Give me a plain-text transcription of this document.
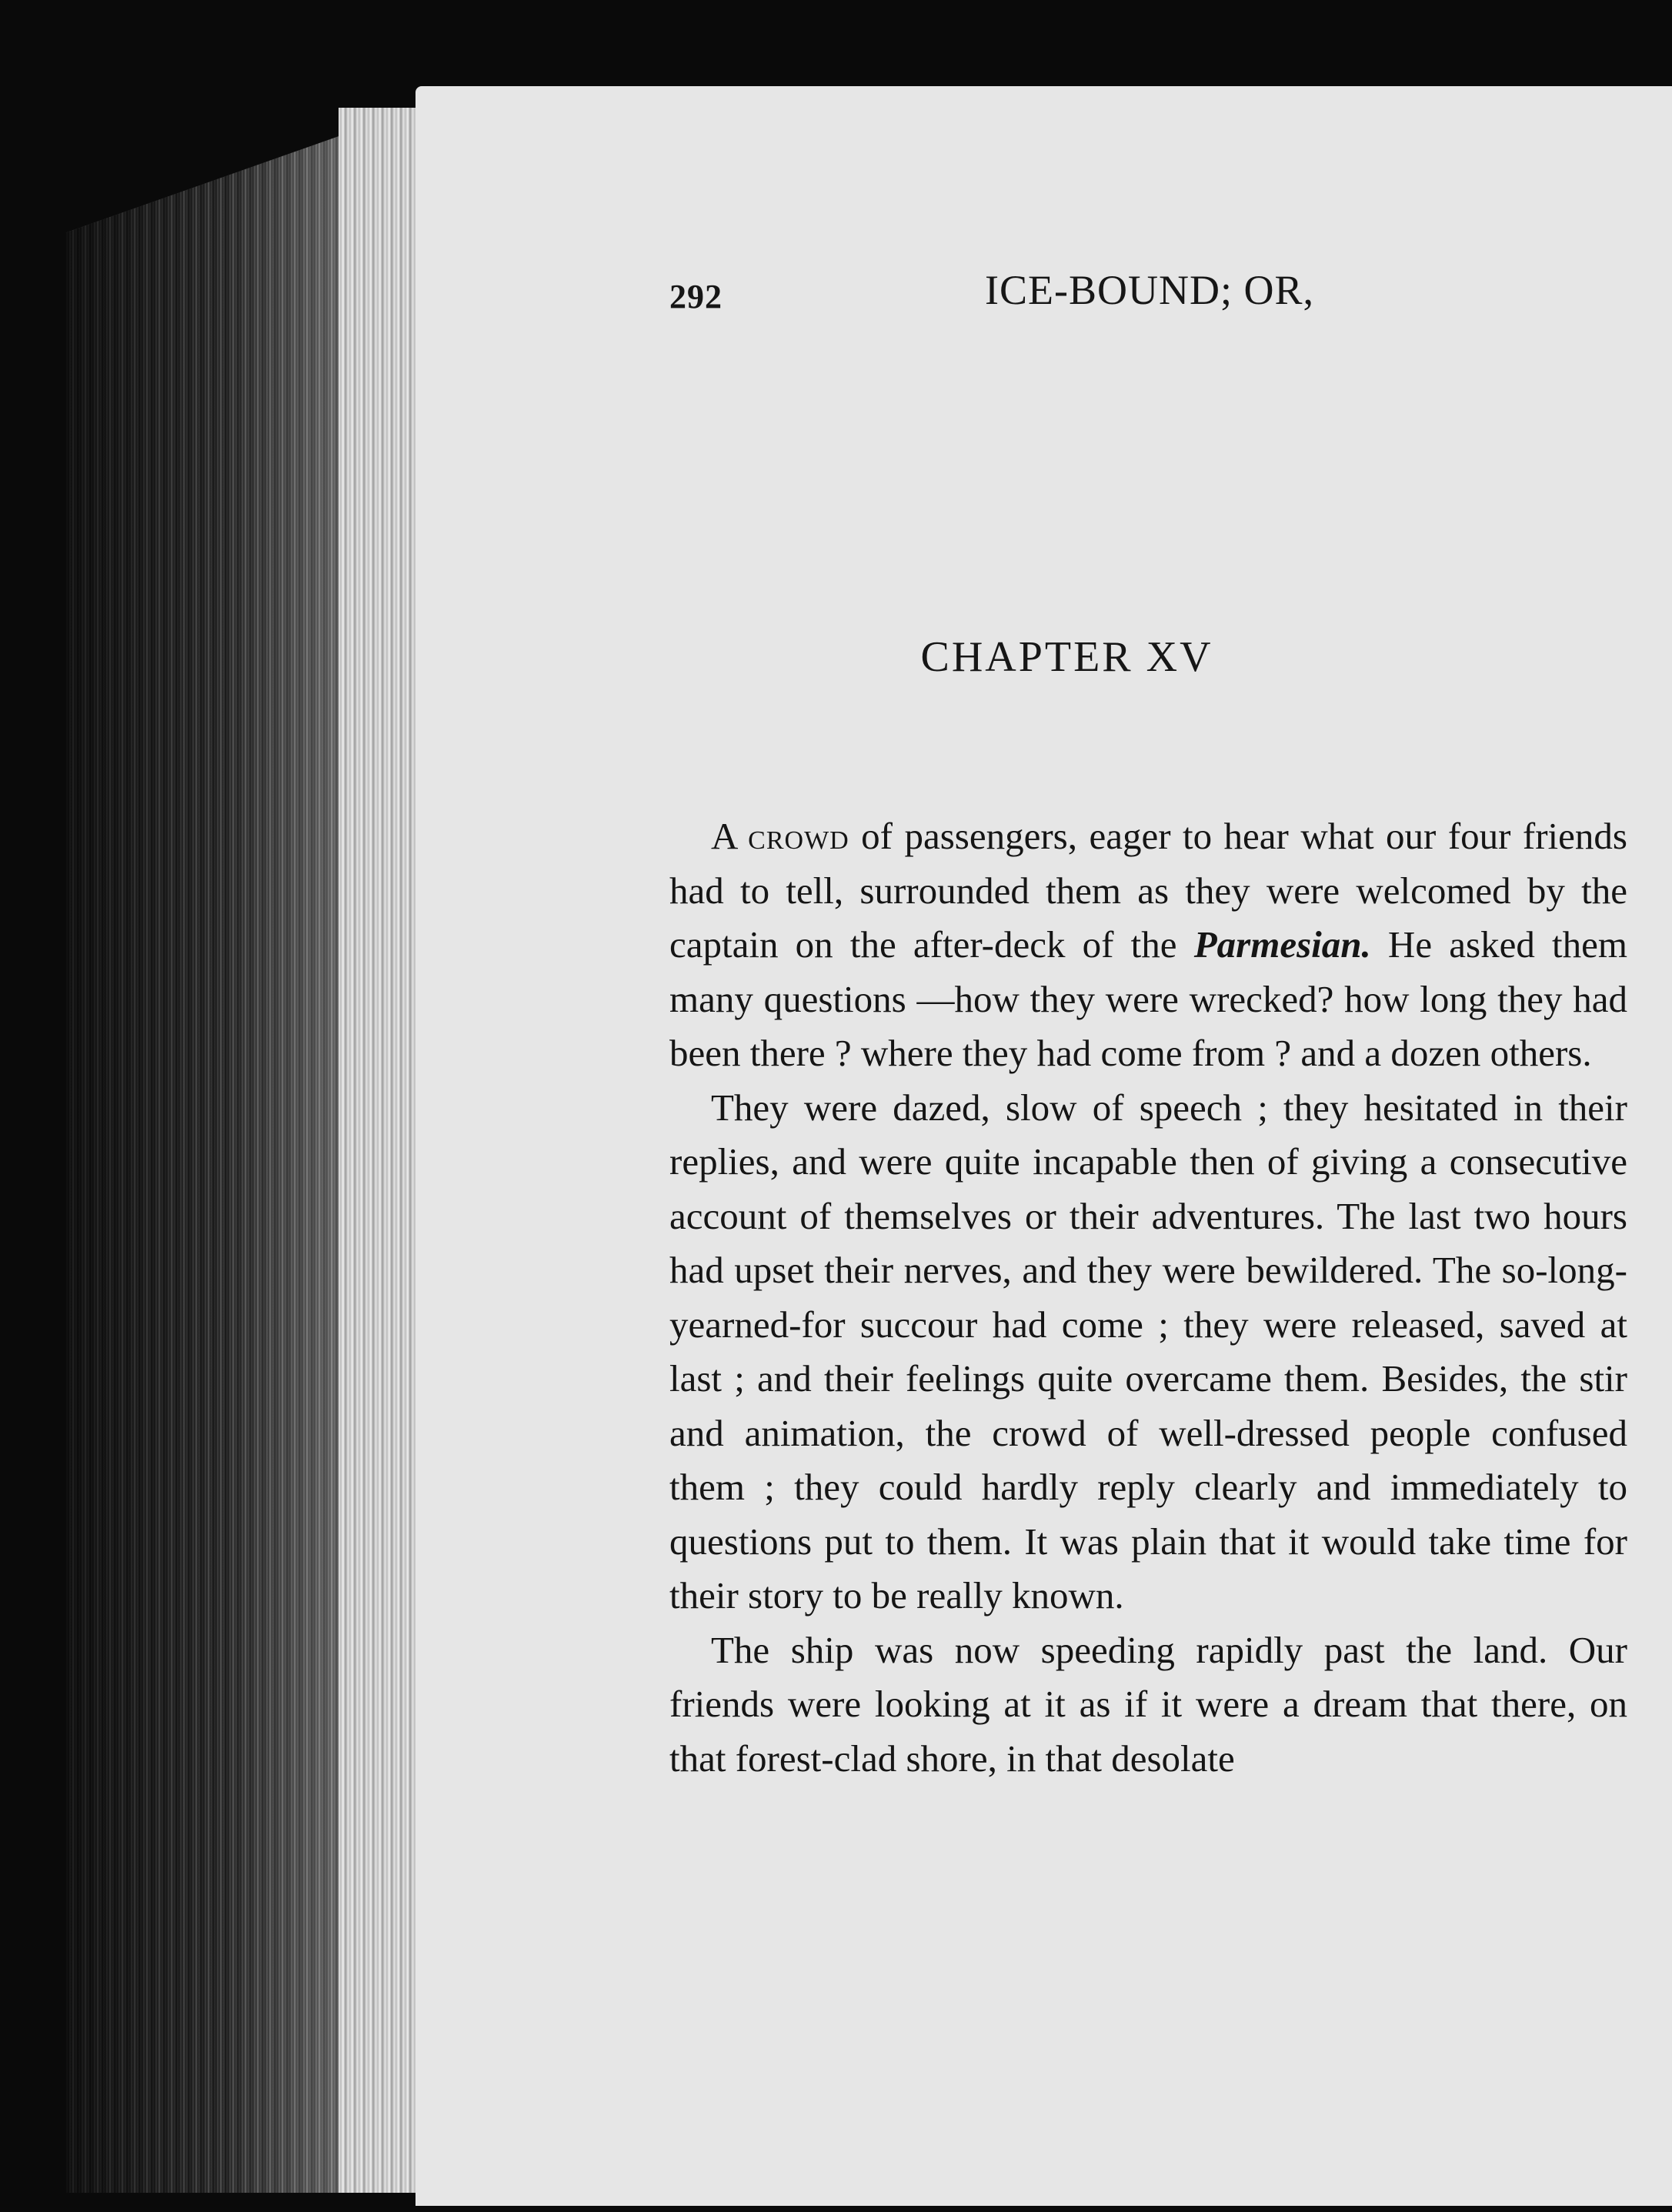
292	ICE-BOUND; OR,
CHAPTER XV

A crowd of passengers, eager to hear what our four friends had to tell, surrounded them as they were welcomed by the captain on the after-deck of the Parmesian. He asked them many questions —how they were wrecked? how long they had been there ? where they had come from ? and a dozen others.

They were dazed, slow of speech ; they hesitated in their replies, and were quite incapable then of giving a consecutive account of themselves or their adventures. The last two hours had upset their nerves, and they were bewildered. The so-long-yearned-for succour had come ; they were released, saved at last ; and their feelings quite overcame them. Besides, the stir and animation, the crowd of well-dressed people confused them ; they could hardly reply clearly and immediately to questions put to them. It was plain that it would take time for their story to be really known.

The ship was now speeding rapidly past the land. Our friends were looking at it as if it were a dream that there, on that forest-clad shore, in that desolate
